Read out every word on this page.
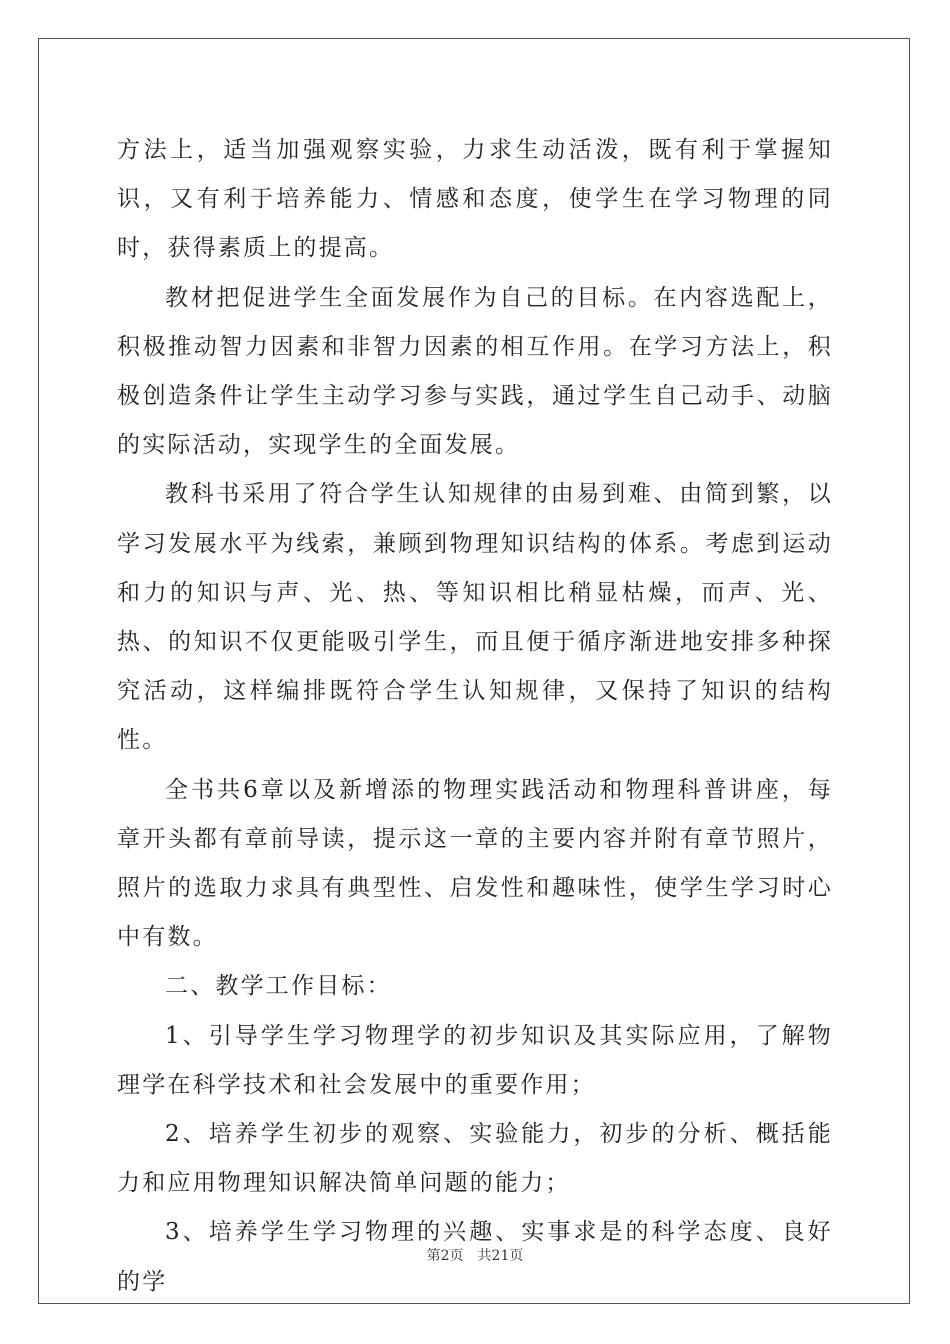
方法上，适当加强观察实验，力求生动活泼，既有利于掌握知识，又有利于培养能力、情感和态度，使学生在学习物理的同时，获得素质上的提高。

教材把促进学生全面发展作为自己的目标。在内容选配上，积极推动智力因素和非智力因素的相互作用。在学习方法上，积极创造条件让学生主动学习参与实践，通过学生自己动手、动脑的实际活动，实现学生的全面发展。

教科书采用了符合学生认知规律的由易到难、由简到繁，以学习发展水平为线索，兼顾到物理知识结构的体系。考虑到运动和力的知识与声、光、热、等知识相比稍显枯燥，而声、光、热、的知识不仅更能吸引学生，而且便于循序渐进地安排多种探究活动，这样编排既符合学生认知规律，又保持了知识的结构性。

全书共6章以及新增添的物理实践活动和物理科普讲座，每章开头都有章前导读，提示这一章的主要内容并附有章节照片，照片的选取力求具有典型性、启发性和趣味性，使学生学习时心中有数。

二、教学工作目标：

1、引导学生学习物理学的初步知识及其实际应用，了解物理学在科学技术和社会发展中的重要作用；

2、培养学生初步的观察、实验能力，初步的分析、概括能力和应用物理知识解决简单问题的能力；

3、培养学生学习物理的兴趣、实事求是的科学态度、良好的学

第2页 共21页
